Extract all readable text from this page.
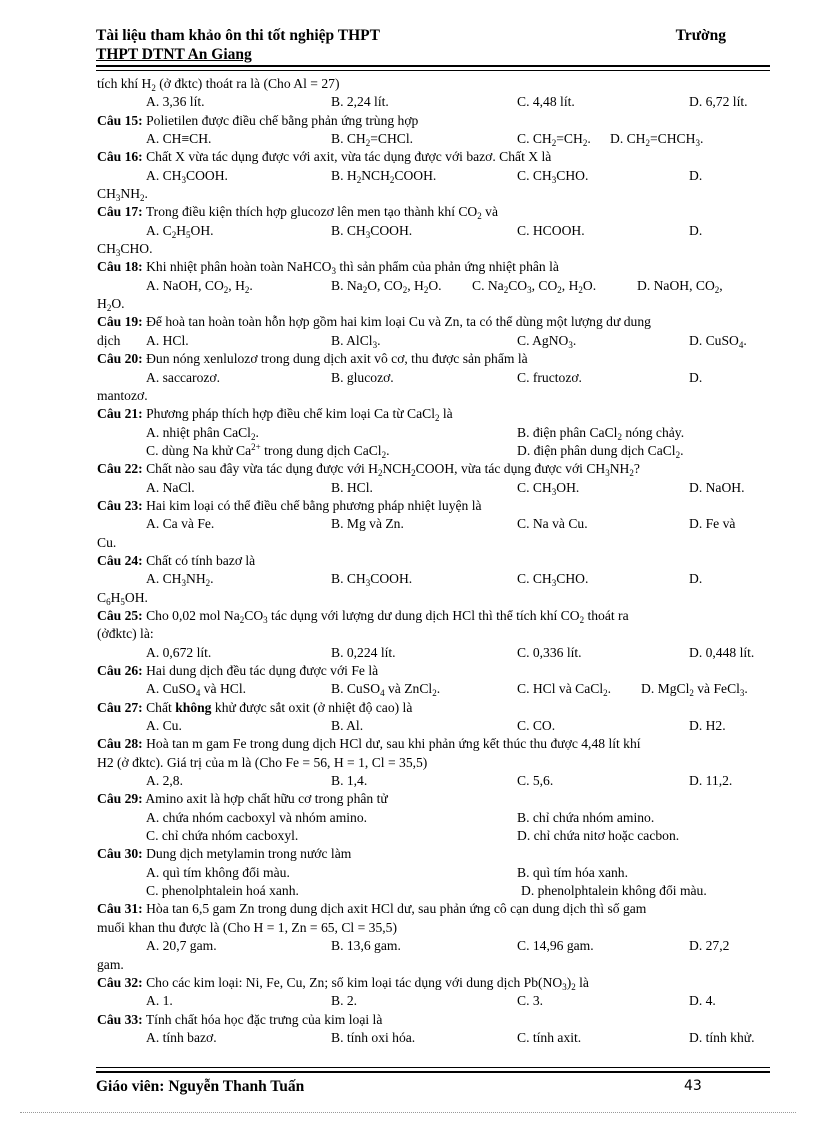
Tài liệu tham khảo ôn thi tốt nghiệp THPT	Trường
THPT DTNT An Giang
tích khí $H_2$ (ở đktc) thoát ra là (Cho Al = 27)
A. 3,36 lít.	B. 2,24 lít.	C. 4,48 lít.	D. 6,72 lít.
Câu 15: Polietilen được điều chế bằng phản ứng trùng hợp
A. CH≡CH.	B. $CH_2=CHCl$.	C. $CH_2=CH_2$. D. $CH_2=CHCH_3$.
Câu 16: Chất X vừa tác dụng được với axit, vừa tác dụng được với bazơ. Chất X là
A. $CH_3COOH$.	B. $H_2NCH_2COOH$.	C. $CH_3CHO$.	D.
$CH_3NH_2$.
Câu 17: Trong điều kiện thích hợp glucozơ lên men tạo thành khí $CO_2$ và
A. $C_2H_5OH$.	B. $CH_3COOH$.	C. HCOOH.	D.
$CH_3CHO$.
Câu 18: Khi nhiệt phân hoàn toàn NaHCO$_3$ thì sản phẩm của phản ứng nhiệt phân là
A. NaOH, $CO_2$, $H_2$.	B. $Na_2O$, $CO_2$, $H_2O$. C. $Na_2CO_3$, $CO_2$, $H_2O$.	D. NaOH, $CO_2$,
$H_2O$.
Câu 19: Để hoà tan hoàn toàn hỗn hợp gồm hai kim loại Cu và Zn, ta có thể dùng một lượng dư dung
dịch A. HCl.	B. AlCl$_3$.	C. AgNO$_3$.	D. CuSO$_4$.
Câu 20: Đun nóng xenlulozơ trong dung dịch axit vô cơ, thu được sản phẩm là
A. saccarozơ.	B. glucozơ.	C. fructozơ.	D.
mantozơ.
Câu 21: Phương pháp thích hợp điều chế kim loại Ca từ CaCl$_2$ là
A. nhiệt phân CaCl$_2$.	B. điện phân CaCl$_2$ nóng chảy.
C. dùng Na khử $Ca^{2+}$ trong dung dịch CaCl$_2$.	D. điện phân dung dịch CaCl$_2$.
Câu 22: Chất nào sau đây vừa tác dụng được với $H_2NCH_2COOH$, vừa tác dụng được với $CH_3NH_2$?
A. NaCl.	B. HCl.	C. $CH_3OH$.	D. NaOH.
Câu 23: Hai kim loại có thể điều chế bằng phương pháp nhiệt luyện là
A. Ca và Fe.	B. Mg và Zn.	C. Na và Cu.	D. Fe và
Cu.
Câu 24: Chất có tính bazơ là
A. $CH_3NH_2$.	B. $CH_3COOH$.	C. $CH_3CHO$.	D.
$C_6H_5OH$.
Câu 25: Cho 0,02 mol $Na_2CO_3$ tác dụng với lượng dư dung dịch HCl thì thể tích khí $CO_2$ thoát ra
(ởđktc) là:
A. 0,672 lít.	B. 0,224 lít.	C. 0,336 lít.	D. 0,448 lít.
Câu 26: Hai dung dịch đều tác dụng được với Fe là
A. CuSO$_4$ và HCl.	B. CuSO$_4$ và ZnCl$_2$.	C. HCl và CaCl$_2$. D. MgCl$_2$ và FeCl$_3$.
Câu 27: Chất không khử được sắt oxit (ở nhiệt độ cao) là
A. Cu.	B. Al.	C. CO.	D. H2.
Câu 28: Hoà tan m gam Fe trong dung dịch HCl dư, sau khi phản ứng kết thúc thu được 4,48 lít khí
H2 (ở đktc). Giá trị của m là (Cho Fe = 56, H = 1, Cl = 35,5)
A. 2,8.	B. 1,4.	C. 5,6.	D. 11,2.
Câu 29: Amino axit là hợp chất hữu cơ trong phân tử
A. chứa nhóm cacboxyl và nhóm amino.	B. chỉ chứa nhóm amino.
C. chỉ chứa nhóm cacboxyl.	D. chỉ chứa nitơ hoặc cacbon.
Câu 30: Dung dịch metylamin trong nước làm
A. quì tím không đổi màu.	B. quì tím hóa xanh.
C. phenolphtalein hoá xanh.	D. phenolphtalein không đổi màu.
Câu 31: Hòa tan 6,5 gam Zn trong dung dịch axit HCl dư, sau phản ứng cô cạn dung dịch thì số gam
muối khan thu được là (Cho H = 1, Zn = 65, Cl = 35,5)
A. 20,7 gam.	B. 13,6 gam.	C. 14,96 gam.	D. 27,2
gam.
Câu 32: Cho các kim loại: Ni, Fe, Cu, Zn; số kim loại tác dụng với dung dịch $Pb(NO_3)_2$ là
A. 1.	B. 2.	C. 3.	D. 4.
Câu 33: Tính chất hóa học đặc trưng của kim loại là
A. tính bazơ.	B. tính oxi hóa.	C. tính axit.	D. tính khử.
Giáo viên: Nguyễn Thanh Tuấn	43
